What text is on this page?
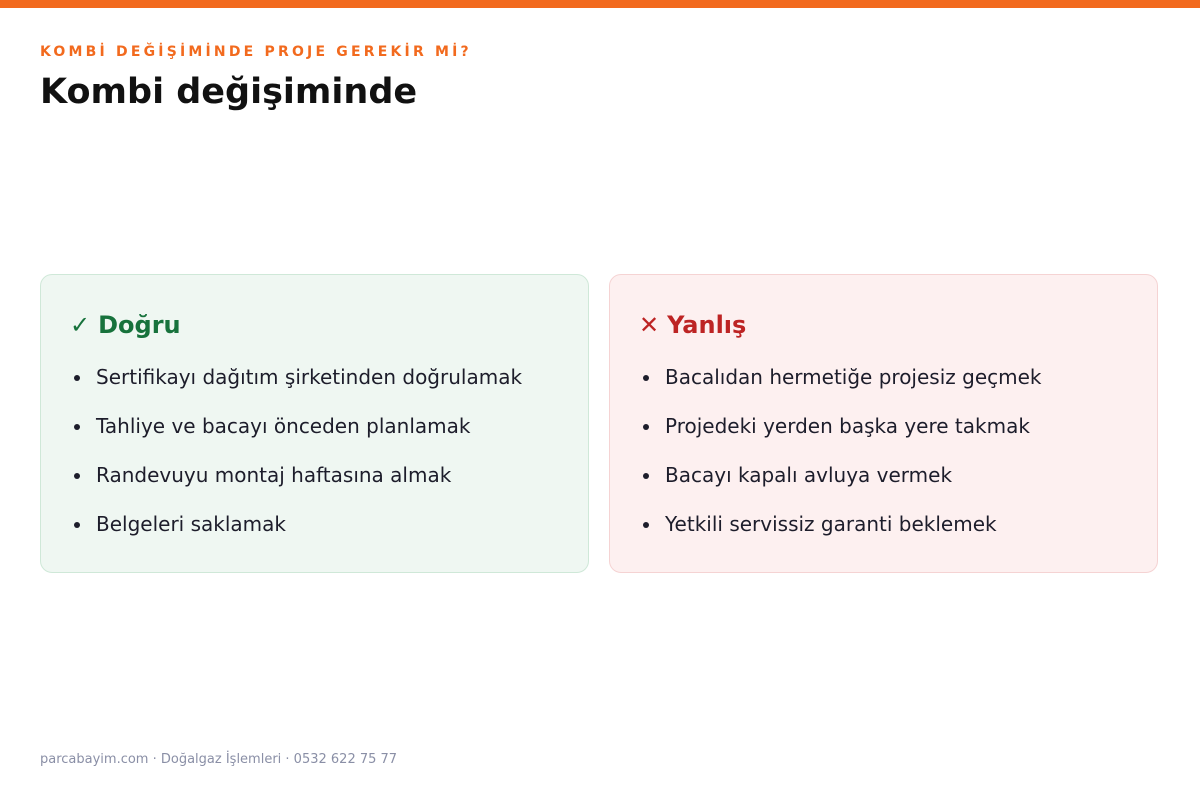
KOMBİ DEĞİŞİMİNDE PROJE GEREKİR Mİ?
Kombi değişiminde
✓ Doğru
Sertifikayı dağıtım şirketinden doğrulamak
Tahliye ve bacayı önceden planlamak
Randevuyu montaj haftasına almak
Belgeleri saklamak
✕ Yanlış
Bacalıdan hermetiğe projesiz geçmek
Projedeki yerden başka yere takmak
Bacayı kapalı avluya vermek
Yetkili servissiz garanti beklemek
parcabayim.com · Doğalgaz İşlemleri · 0532 622 75 77
